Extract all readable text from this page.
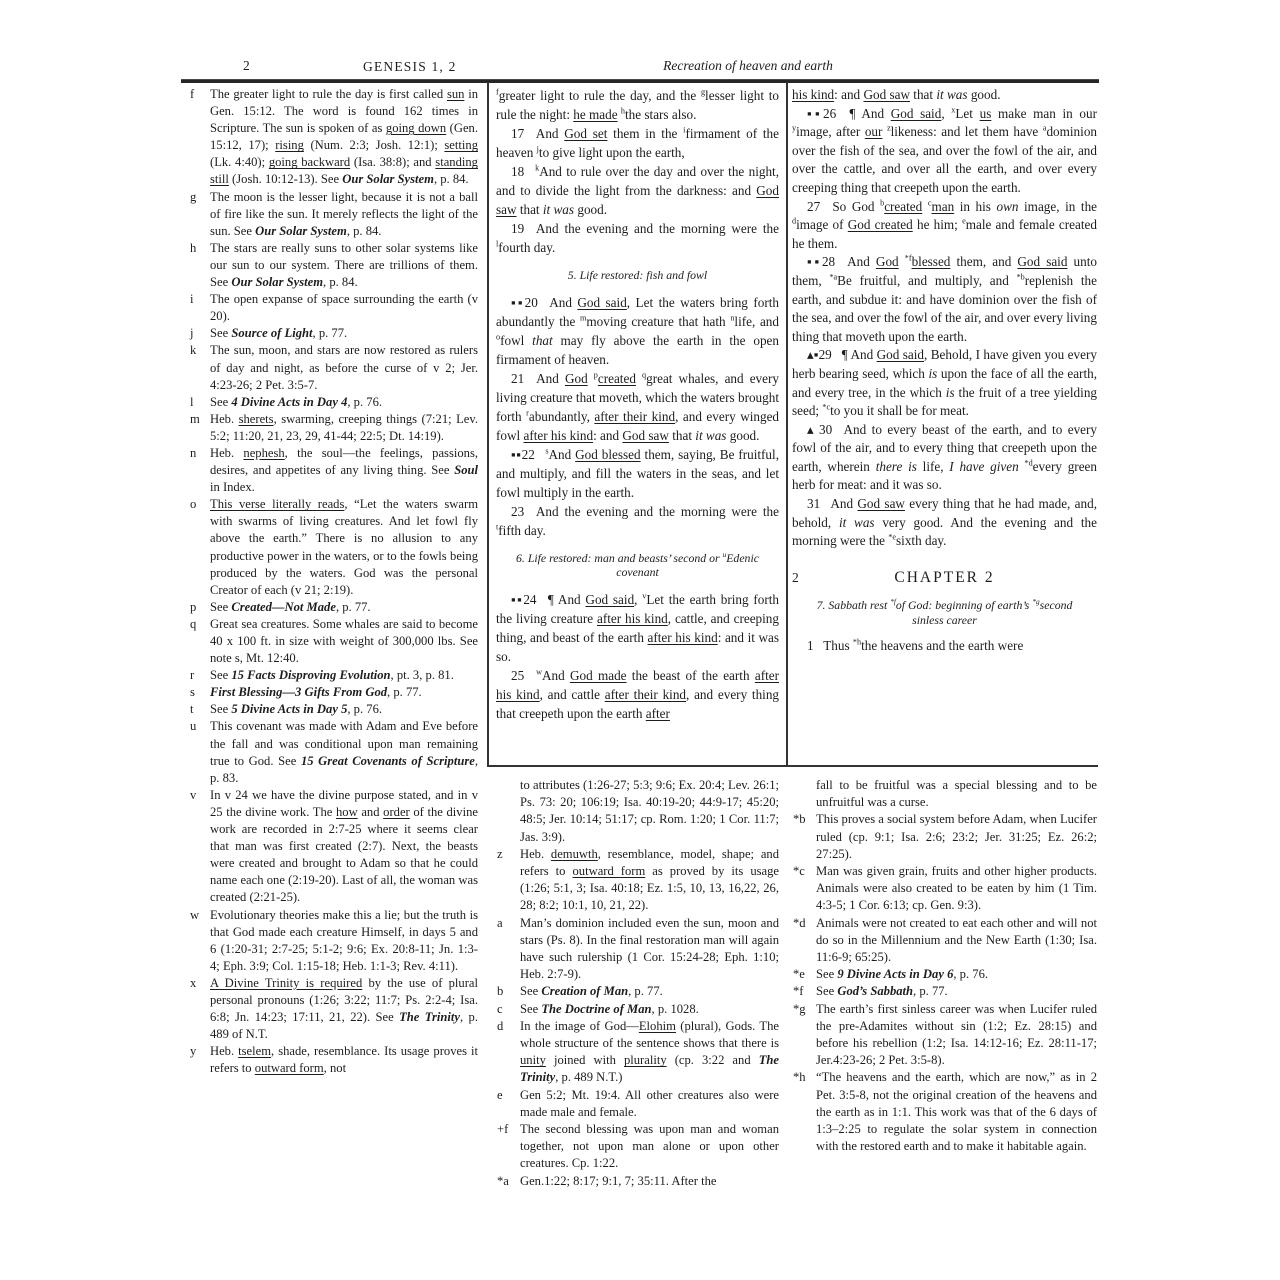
2	GENESIS 1, 2	Recreation of heaven and earth

f The greater light to rule the day is first called sun in Gen. 15:12. The word is found 162 times in Scripture. The sun is spoken of as going down (Gen. 15:12, 17); rising (Num. 2:3; Josh. 12:1); setting (Lk. 4:40); going backward (Isa. 38:8); and standing still (Josh. 10:12-13). See Our Solar System, p. 84.

g The moon is the lesser light, because it is not a ball of fire like the sun. It merely reflects the light of the sun. See Our Solar System, p. 84.

h The stars are really suns to other solar systems like our sun to our system. There are trillions of them. See Our Solar System, p. 84.

i The open expanse of space surrounding the earth (v 20).

j See Source of Light, p. 77.

k The sun, moon, and stars are now restored as rulers of day and night, as before the curse of v 2; Jer. 4:23-26; 2 Pet. 3:5-7.

l See 4 Divine Acts in Day 4, p. 76.

m Heb. sherets, swarming, creeping things (7:21; Lev. 5:2; 11:20, 21, 23, 29, 41-44; 22:5; Dt. 14:19).

n Heb. nephesh, the soul—the feelings, passions, desires, and appetites of any living thing. See Soul in Index.

o This verse literally reads, “Let the waters swarm with swarms of living creatures. And let fowl fly above the earth.” There is no allusion to any productive power in the waters, or to the fowls being produced by the waters. God was the personal Creator of each (v 21; 2:19).

p See Created—Not Made, p. 77.

q Great sea creatures. Some whales are said to become 40 x 100 ft. in size with weight of 300,000 lbs. See note s, Mt. 12:40.

r See 15 Facts Disproving Evolution, pt. 3, p. 81.

s First Blessing—3 Gifts From God, p. 77.

t See 5 Divine Acts in Day 5, p. 76.

u This covenant was made with Adam and Eve before the fall and was conditional upon man remaining true to God. See 15 Great Covenants of Scripture, p. 83.

v In v 24 we have the divine purpose stated, and in v 25 the divine work. The how and order of the divine work are recorded in 2:7-25 where it seems clear that man was first created (2:7). Next, the beasts were created and brought to Adam so that he could name each one (2:19-20). Last of all, the woman was created (2:21-25).

w Evolutionary theories make this a lie; but the truth is that God made each creature Himself, in days 5 and 6 (1:20-31; 2:7-25; 5:1-2; 9:6; Ex. 20:8-11; Jn. 1:3-4; Eph. 3:9; Col. 1:15-18; Heb. 1:1-3; Rev. 4:11).

x A Divine Trinity is required by the use of plural personal pronouns (1:26; 3:22; 11:7; Ps. 2:2-4; Isa. 6:8; Jn. 14:23; 17:11, 21, 22). See The Trinity, p. 489 of N.T.

y Heb. tselem, shade, resemblance. Its usage proves it refers to outward form, not

$^f$greater light to rule the day, and the $^g$lesser light to rule the night: he made $^h$the stars also.

17  And God set them in the $^i$firmament of the heaven $^j$to give light upon the earth,

18  $^k$And to rule over the day and over the night, and to divide the light from the darkness: and God saw that it was good.

19  And the evening and the morning were the $^l$fourth day.

5. Life restored: fish and fowl

▪▪20  And God said, Let the waters bring forth abundantly the $^m$moving creature that hath $^n$life, and $^o$fowl that may fly above the earth in the open firmament of heaven.

21  And God $^p$created $^q$great whales, and every living creature that moveth, which the waters brought forth $^r$abundantly, after their kind, and every winged fowl after his kind: and God saw that it was good.

▪▪22  $^s$And God blessed them, saying, Be fruitful, and multiply, and fill the waters in the seas, and let fowl multiply in the earth.

23  And the evening and the morning were the $^t$fifth day.

6. Life restored: man and beasts’ second or $^u$Edenic covenant

▪▪24  ¶ And God said, $^v$Let the earth bring forth the living creature after his kind, cattle, and creeping thing, and beast of the earth after his kind: and it was so.

25  $^w$And God made the beast of the earth after his kind, and cattle after their kind, and every thing that creepeth upon the earth after

his kind: and God saw that it was good.

▪▪26  ¶ And God said, $^x$Let us make man in our $^y$image, after our $^z$likeness: and let them have $^a$dominion over the fish of the sea, and over the fowl of the air, and over the cattle, and over all the earth, and over every creeping thing that creepeth upon the earth.

27  So God $^b$created $^c$man in his own image, in the $^d$image of God created he him; $^e$male and female created he them.

▪▪28  And God $^{*f}$blessed them, and God said unto them, $^{*a}$Be fruitful, and multiply, and $^{*b}$replenish the earth, and subdue it: and have dominion over the fish of the sea, and over the fowl of the air, and over every living thing that moveth upon the earth.

▴▪29  ¶ And God said, Behold, I have given you every herb bearing seed, which is upon the face of all the earth, and every tree, in the which is the fruit of a tree yielding seed; $^{*c}$to you it shall be for meat.

▴ 30  And to every beast of the earth, and to every fowl of the air, and to every thing that creepeth upon the earth, wherein there is life, I have given $^{*d}$every green herb for meat: and it was so.

31  And God saw every thing that he had made, and, behold, it was very good. And the evening and the morning were the $^{*e}$sixth day.

2	CHAPTER 2

7. Sabbath rest $^{*f}$of God: beginning of earth’s $^{*g}$second sinless career

1  Thus $^{*h}$the heavens and the earth were

to attributes (1:26-27; 5:3; 9:6; Ex. 20:4; Lev. 26:1; Ps. 73: 20; 106:19; Isa. 40:19-20; 44:9-17; 45:20; 48:5; Jer. 10:14; 51:17; cp. Rom. 1:20; 1 Cor. 11:7; Jas. 3:9).

z Heb. demuwth, resemblance, model, shape; and refers to outward form as proved by its usage (1:26; 5:1, 3; Isa. 40:18; Ez. 1:5, 10, 13, 16,22, 26, 28; 8:2; 10:1, 10, 21, 22).

a Man’s dominion included even the sun, moon and stars (Ps. 8). In the final restoration man will again have such rulership (1 Cor. 15:24-28; Eph. 1:10; Heb. 2:7-9).

b See Creation of Man, p. 77.

c See The Doctrine of Man, p. 1028.

d In the image of God—Elohim (plural), Gods. The whole structure of the sentence shows that there is unity joined with plurality (cp. 3:22 and The Trinity, p. 489 N.T.)

e Gen 5:2; Mt. 19:4. All other creatures also were made male and female.

+f The second blessing was upon man and woman together, not upon man alone or upon other creatures. Cp. 1:22.

*a Gen.1:22; 8:17; 9:1, 7; 35:11. After the

fall to be fruitful was a special blessing and to be unfruitful was a curse.

*b This proves a social system before Adam, when Lucifer ruled (cp. 9:1; Isa. 2:6; 23:2; Jer. 31:25; Ez. 26:2; 27:25).

*c Man was given grain, fruits and other higher products. Animals were also created to be eaten by him (1 Tim. 4:3-5; 1 Cor. 6:13; cp. Gen. 9:3).

*d Animals were not created to eat each other and will not do so in the Millennium and the New Earth (1:30; Isa. 11:6-9; 65:25).

*e See 9 Divine Acts in Day 6, p. 76.

*f See God’s Sabbath, p. 77.

*g The earth’s first sinless career was when Lucifer ruled the pre-Adamites without sin (1:2; Ez. 28:15) and before his rebellion (1:2; Isa. 14:12-16; Ez. 28:11-17; Jer.4:23-26; 2 Pet. 3:5-8).

*h “The heavens and the earth, which are now,” as in 2 Pet. 3:5-8, not the original creation of the heavens and the earth as in 1:1. This work was that of the 6 days of 1:3–2:25 to regulate the solar system in connection with the restored earth and to make it habitable again.
